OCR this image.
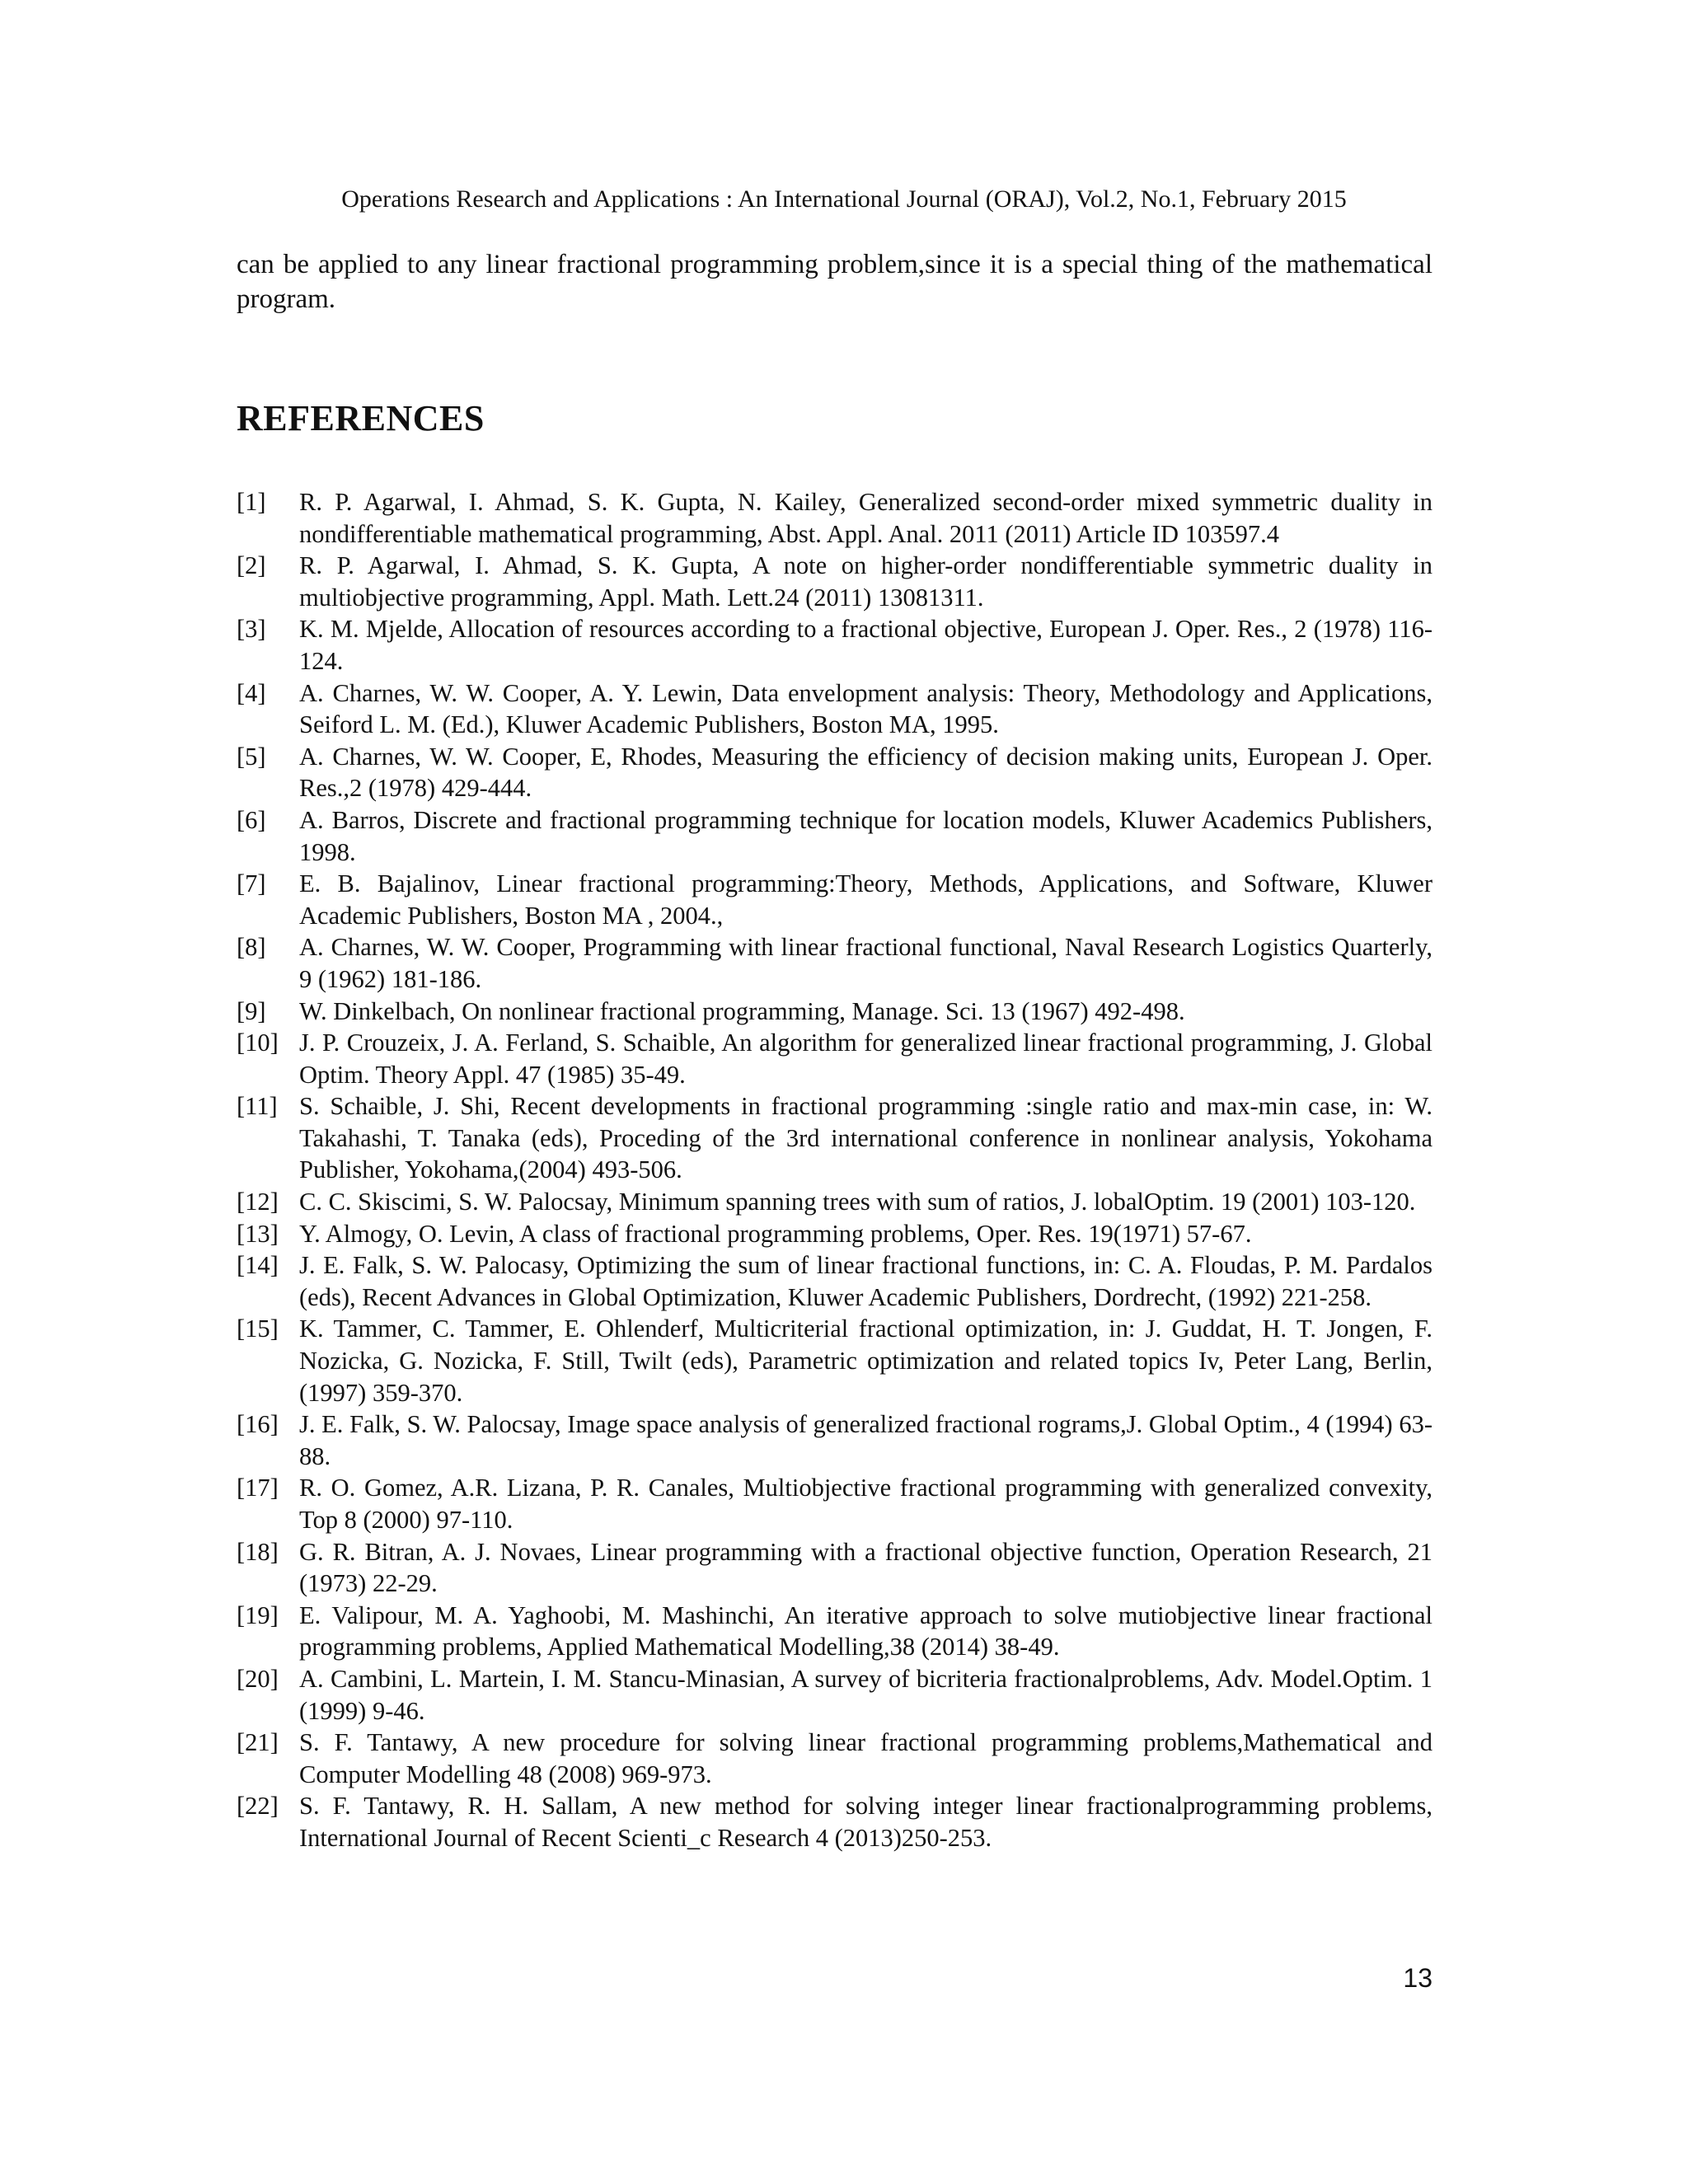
Operations Research and Applications : An International Journal (ORAJ), Vol.2, No.1, February 2015

can be applied to any linear fractional programming problem,since it is a special thing of the mathematical program.

REFERENCES
[1]	R. P. Agarwal, I. Ahmad, S. K. Gupta, N. Kailey, Generalized second-order mixed symmetric duality in nondifferentiable mathematical programming, Abst. Appl. Anal. 2011 (2011) Article ID 103597.4
[2]	R. P. Agarwal, I. Ahmad, S. K. Gupta, A note on higher-order nondifferentiable symmetric duality in multiobjective programming, Appl. Math. Lett.24 (2011) 13081311.
[3]	K. M. Mjelde, Allocation of resources according to a fractional objective, European J. Oper. Res., 2 (1978) 116-124.
[4]	A. Charnes, W. W. Cooper, A. Y. Lewin, Data envelopment analysis: Theory, Methodology and Applications, Seiford L. M. (Ed.), Kluwer Academic Publishers, Boston MA, 1995.
[5]	A. Charnes, W. W. Cooper, E, Rhodes, Measuring the efficiency of decision making units, European J. Oper. Res.,2 (1978) 429-444.
[6]	A. Barros, Discrete and fractional programming technique for location models, Kluwer Academics Publishers, 1998.
[7]	E. B. Bajalinov, Linear fractional programming:Theory, Methods, Applications, and Software, Kluwer Academic Publishers, Boston MA , 2004.,
[8]	A. Charnes, W. W. Cooper, Programming with linear fractional functional, Naval Research Logistics Quarterly, 9 (1962) 181-186.
[9]	W. Dinkelbach, On nonlinear fractional programming, Manage. Sci. 13 (1967) 492-498.
[10] J. P. Crouzeix, J. A. Ferland, S. Schaible, An algorithm for generalized linear fractional programming, J. Global Optim. Theory Appl. 47 (1985) 35-49.
[11] S. Schaible, J. Shi, Recent developments in fractional programming :single ratio and max-min case, in: W. Takahashi, T. Tanaka (eds), Proceding of the 3rd international conference in nonlinear analysis, Yokohama Publisher, Yokohama,(2004) 493-506.
[12] C. C. Skiscimi, S. W. Palocsay, Minimum spanning trees with sum of ratios, J. lobalOptim. 19 (2001) 103-120.
[13] Y. Almogy, O. Levin, A class of fractional programming problems, Oper. Res. 19(1971) 57-67.
[14] J. E. Falk, S. W. Palocasy, Optimizing the sum of linear fractional functions, in: C. A. Floudas, P. M. Pardalos (eds), Recent Advances in Global Optimization, Kluwer Academic Publishers, Dordrecht, (1992) 221-258.
[15] K. Tammer, C. Tammer, E. Ohlenderf, Multicriterial fractional optimization, in: J. Guddat, H. T. Jongen, F. Nozicka, G. Nozicka, F. Still, Twilt (eds), Parametric optimization and related topics Iv, Peter Lang, Berlin, (1997) 359-370.
[16] J. E. Falk, S. W. Palocsay, Image space analysis of generalized fractional rograms,J. Global Optim., 4 (1994) 63-88.
[17] R. O. Gomez, A.R. Lizana, P. R. Canales, Multiobjective fractional programming with generalized convexity, Top 8 (2000) 97-110.
[18] G. R. Bitran, A. J. Novaes, Linear programming with a fractional objective function, Operation Research, 21 (1973) 22-29.
[19] E. Valipour, M. A. Yaghoobi, M. Mashinchi, An iterative approach to solve mutiobjective linear fractional programming problems, Applied Mathematical Modelling,38 (2014) 38-49.
[20] A. Cambini, L. Martein, I. M. Stancu-Minasian, A survey of bicriteria fractionalproblems, Adv. Model.Optim. 1 (1999) 9-46.
[21] S. F. Tantawy, A new procedure for solving linear fractional programming problems,Mathematical and Computer Modelling 48 (2008) 969-973.
[22] S. F. Tantawy, R. H. Sallam, A new method for solving integer linear fractionalprogramming problems, International Journal of Recent Scienti_c Research 4 (2013)250-253.
13
